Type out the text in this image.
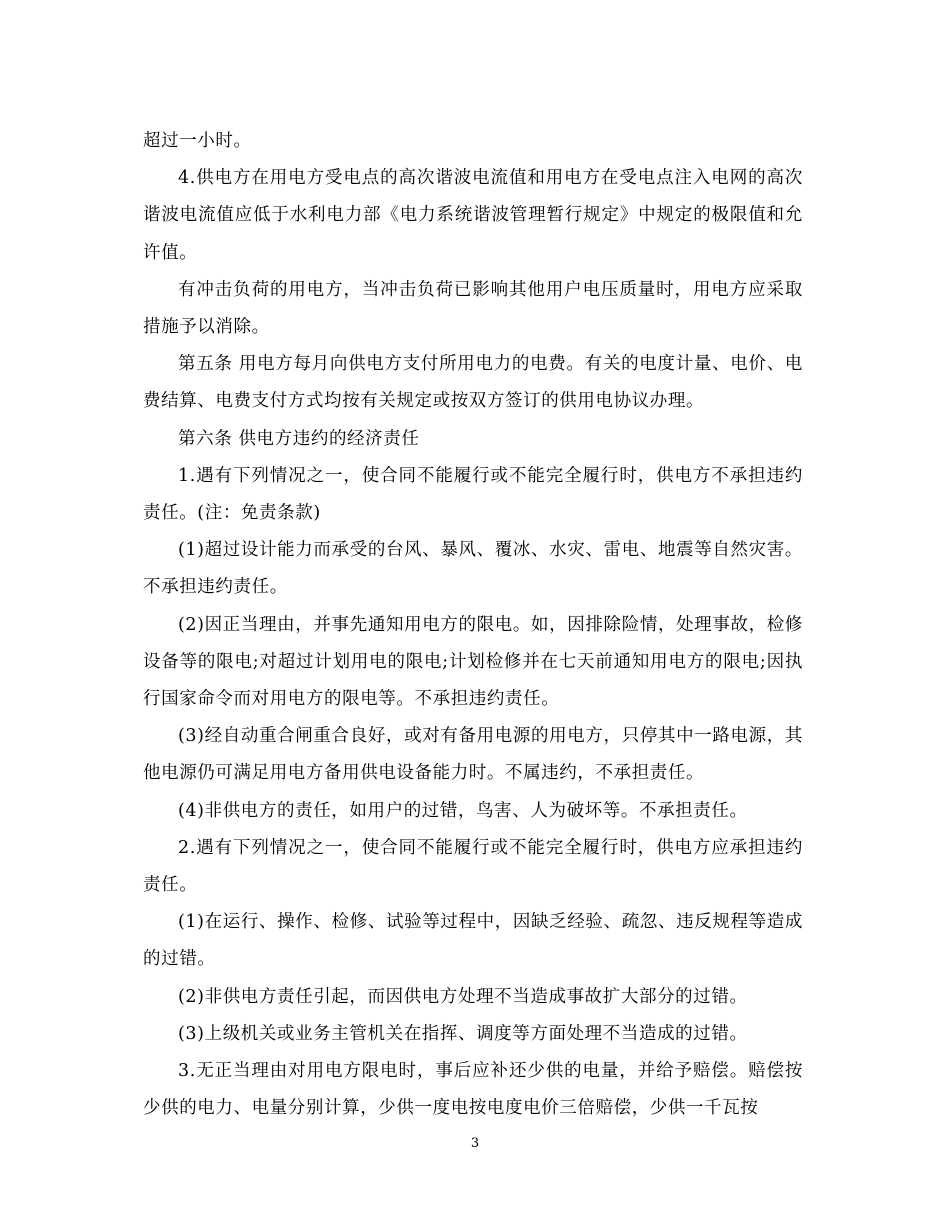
超过一小时。

4.供电方在用电方受电点的高次谐波电流值和用电方在受电点注入电网的高次谐波电流值应低于水利电力部《电力系统谐波管理暂行规定》中规定的极限值和允许值。

有冲击负荷的用电方，当冲击负荷已影响其他用户电压质量时，用电方应采取措施予以消除。

第五条 用电方每月向供电方支付所用电力的电费。有关的电度计量、电价、电费结算、电费支付方式均按有关规定或按双方签订的供用电协议办理。

第六条 供电方违约的经济责任

1.遇有下列情况之一，使合同不能履行或不能完全履行时，供电方不承担违约责任。(注：免责条款)

(1)超过设计能力而承受的台风、暴风、覆冰、水灾、雷电、地震等自然灾害。不承担违约责任。

(2)因正当理由，并事先通知用电方的限电。如，因排除险情，处理事故，检修设备等的限电;对超过计划用电的限电;计划检修并在七天前通知用电方的限电;因执行国家命令而对用电方的限电等。不承担违约责任。

(3)经自动重合闸重合良好，或对有备用电源的用电方，只停其中一路电源，其他电源仍可满足用电方备用供电设备能力时。不属违约，不承担责任。

(4)非供电方的责任，如用户的过错，鸟害、人为破坏等。不承担责任。

2.遇有下列情况之一，使合同不能履行或不能完全履行时，供电方应承担违约责任。

(1)在运行、操作、检修、试验等过程中，因缺乏经验、疏忽、违反规程等造成的过错。

(2)非供电方责任引起，而因供电方处理不当造成事故扩大部分的过错。

(3)上级机关或业务主管机关在指挥、调度等方面处理不当造成的过错。

3.无正当理由对用电方限电时，事后应补还少供的电量，并给予赔偿。赔偿按少供的电力、电量分别计算，少供一度电按电度电价三倍赔偿，少供一千瓦按

3
